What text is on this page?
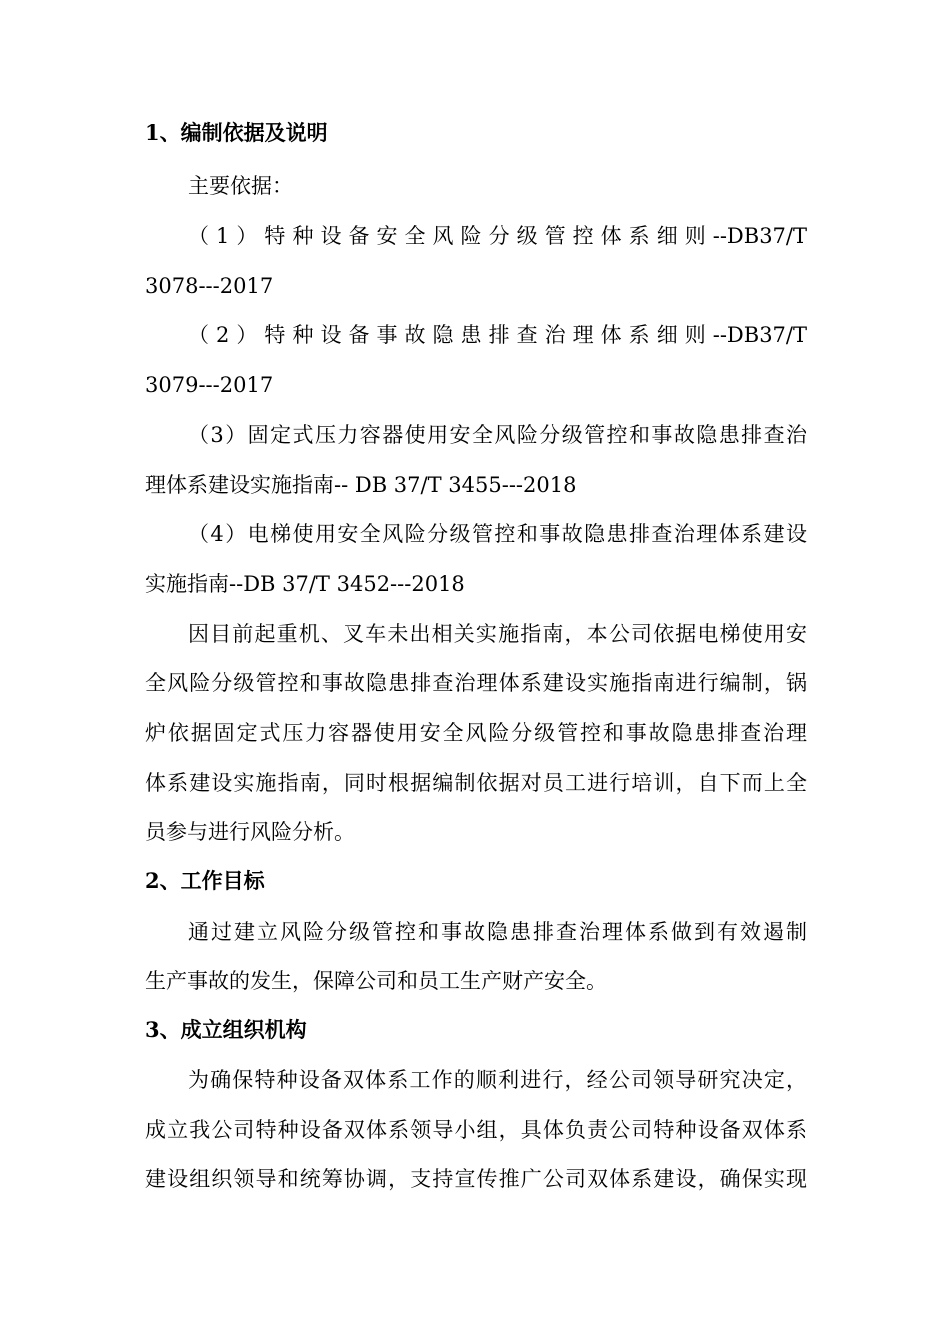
1、编制依据及说明
主要依据：
（1）特种设备安全风险分级管控体系细则--DB37/T
3078---2017
（2）特种设备事故隐患排查治理体系细则--DB37/T
3079---2017
（3）固定式压力容器使用安全风险分级管控和事故隐患排查治
理体系建设实施指南-- DB 37/T 3455---2018
（4）电梯使用安全风险分级管控和事故隐患排查治理体系建设
实施指南--DB 37/T 3452---2018
因目前起重机、叉车未出相关实施指南，本公司依据电梯使用安
全风险分级管控和事故隐患排查治理体系建设实施指南进行编制，锅
炉依据固定式压力容器使用安全风险分级管控和事故隐患排查治理
体系建设实施指南，同时根据编制依据对员工进行培训，自下而上全
员参与进行风险分析。
2、工作目标
通过建立风险分级管控和事故隐患排查治理体系做到有效遏制
生产事故的发生，保障公司和员工生产财产安全。
3、成立组织机构
为确保特种设备双体系工作的顺利进行，经公司领导研究决定，
成立我公司特种设备双体系领导小组，具体负责公司特种设备双体系
建设组织领导和统筹协调，支持宣传推广公司双体系建设，确保实现
